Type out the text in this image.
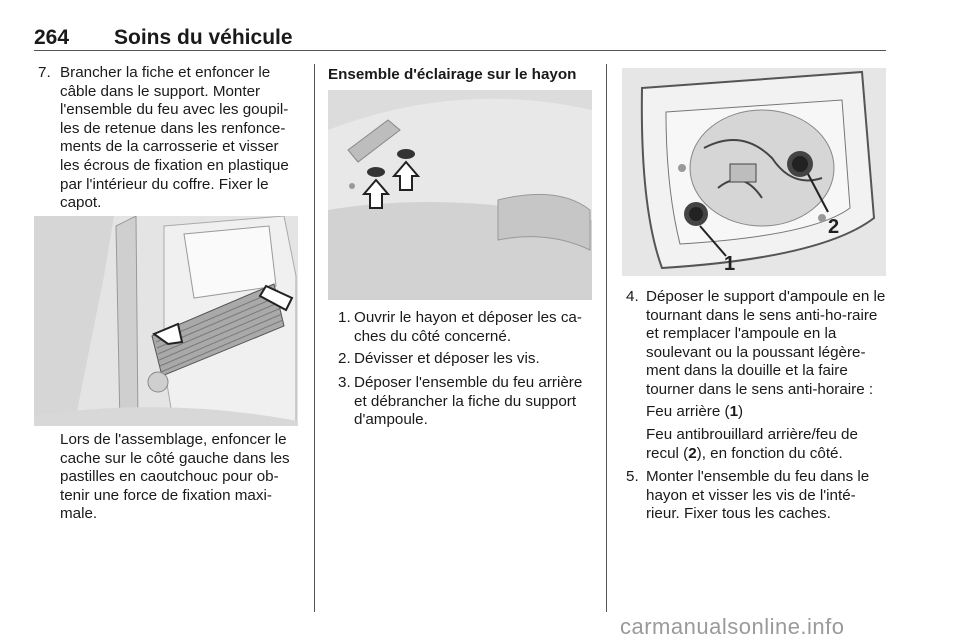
264 Soins du véhicule
7. Brancher la fiche et enfoncer le câble dans le support. Monter l'ensemble du feu avec les goupil-les de retenue dans les renfonce-ments de la carrosserie et visser les écrous de fixation en plastique par l'intérieur du coffre. Fixer le capot.
Lors de l'assemblage, enfoncer le cache sur le côté gauche dans les pastilles en caoutchouc pour ob-tenir une force de fixation maxi-male.
Ensemble d'éclairage sur le hayon
1. Ouvrir le hayon et déposer les ca-ches du côté concerné.
2. Dévisser et déposer les vis.
3. Déposer l'ensemble du feu arrière et débrancher la fiche du support d'ampoule.
1
2
4. Déposer le support d'ampoule en le tournant dans le sens anti-ho-raire et remplacer l'ampoule en la soulevant ou la poussant légère-ment dans la douille et la faire tourner dans le sens anti-horaire :
Feu arrière (1)
Feu antibrouillard arrière/feu de recul (2), en fonction du côté.
5. Monter l'ensemble du feu dans le hayon et visser les vis de l'inté-rieur. Fixer tous les caches.
carmanualsonline.info
